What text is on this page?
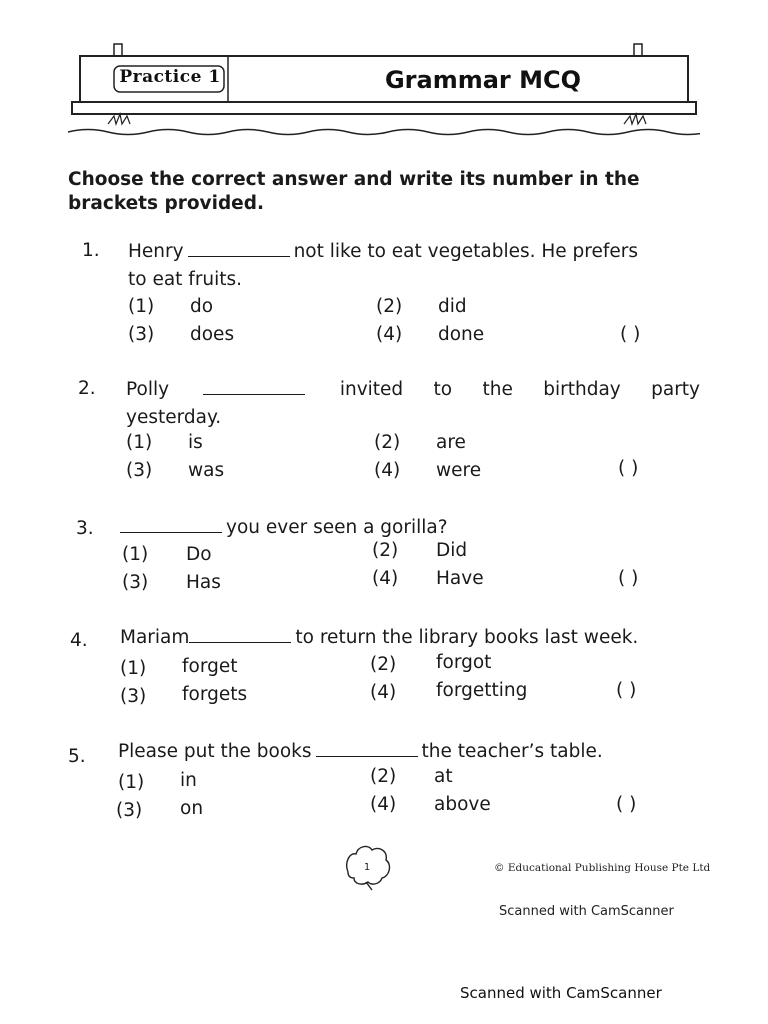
Practice 1	Grammar MCQ
Choose the correct answer and write its number in the brackets provided.
1. Henry	not like to eat vegetables. He prefers
to eat fruits.
(1) do	(2) did
(3) does	(4) done	( )
2. Polly	invited to the birthday party
yesterday.
(1) is	(2) are
(3) was	(4) were	( )
3.	you ever seen a gorilla?
(1) Do	(2) Did
(3) Has	(4) Have	( )
4. Mariam	to return the library books last week.
(1) forget	(2) forgot
(3) forgets	(4) forgetting	( )
5. Please put the books	the teacher’s table.
(1) in	(2) at
(3) on	(4) above	( )
1	© Educational Publishing House Pte Ltd
Scanned with CamScanner
Scanned with CamScanner
